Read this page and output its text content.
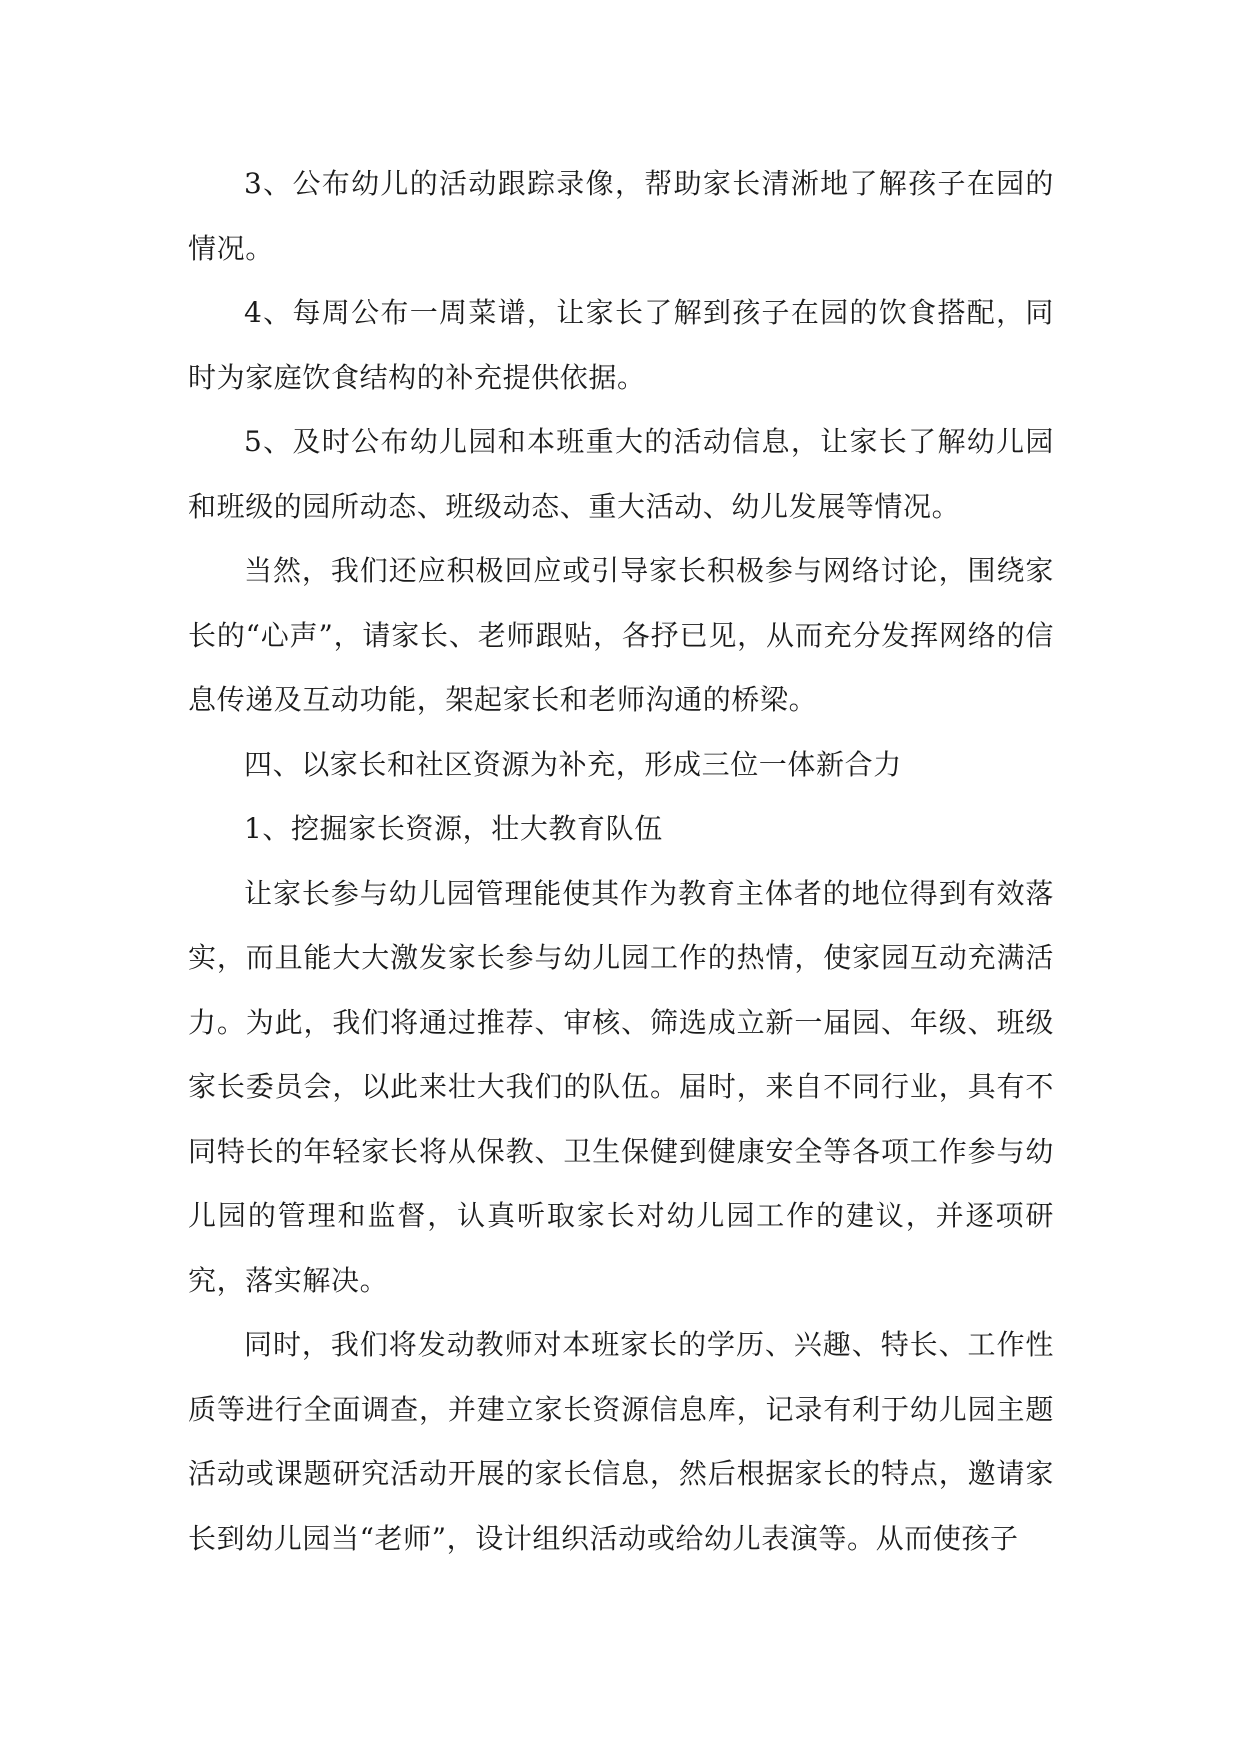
3、公布幼儿的活动跟踪录像，帮助家长清淅地了解孩子在园的情况。

4、每周公布一周菜谱，让家长了解到孩子在园的饮食搭配，同时为家庭饮食结构的补充提供依据。

5、及时公布幼儿园和本班重大的活动信息，让家长了解幼儿园和班级的园所动态、班级动态、重大活动、幼儿发展等情况。

当然，我们还应积极回应或引导家长积极参与网络讨论，围绕家长的“心声”，请家长、老师跟贴，各抒已见，从而充分发挥网络的信息传递及互动功能，架起家长和老师沟通的桥梁。

四、以家长和社区资源为补充，形成三位一体新合力

1、挖掘家长资源，壮大教育队伍

让家长参与幼儿园管理能使其作为教育主体者的地位得到有效落实，而且能大大激发家长参与幼儿园工作的热情，使家园互动充满活力。为此，我们将通过推荐、审核、筛选成立新一届园、年级、班级家长委员会，以此来壮大我们的队伍。届时，来自不同行业，具有不同特长的年轻家长将从保教、卫生保健到健康安全等各项工作参与幼儿园的管理和监督，认真听取家长对幼儿园工作的建议，并逐项研究，落实解决。

同时，我们将发动教师对本班家长的学历、兴趣、特长、工作性质等进行全面调查，并建立家长资源信息库，记录有利于幼儿园主题活动或课题研究活动开展的家长信息，然后根据家长的特点，邀请家长到幼儿园当“老师”，设计组织活动或给幼儿表演等。从而使孩子
